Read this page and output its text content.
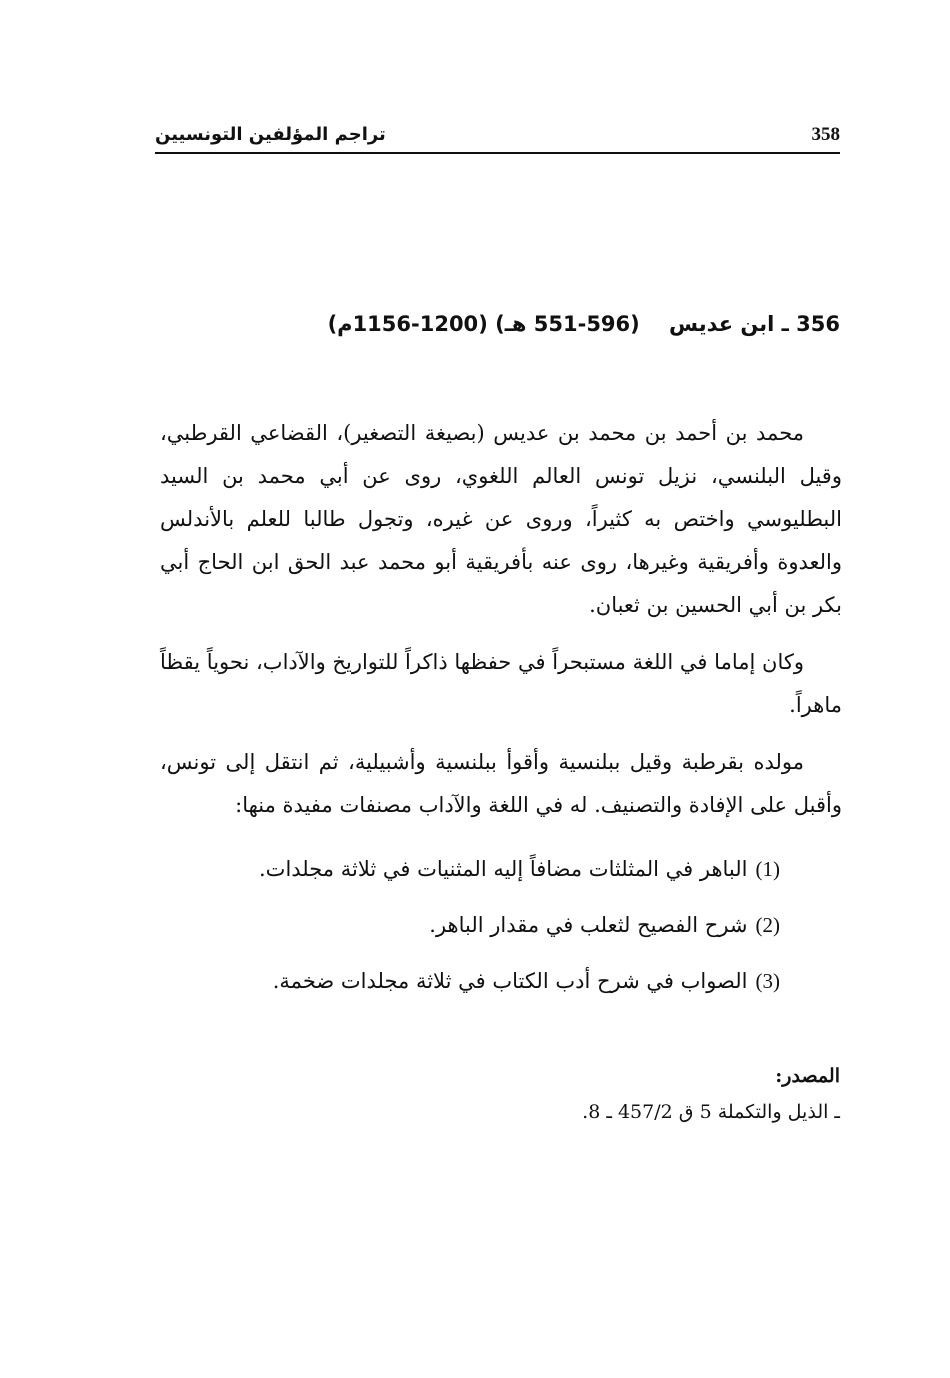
358
تراجم المؤلفين التونسيين
356 ـ ابن عديس    (551-596 هـ) (1156-1200م)

محمد بن أحمد بن محمد بن عديس (بصيغة التصغير)، القضاعي القرطبي، وقيل البلنسي، نزيل تونس العالم اللغوي، روى عن أبي محمد بن السيد البطليوسي واختص به كثيراً، وروى عن غيره، وتجول طالبا للعلم بالأندلس والعدوة وأفريقية وغيرها، روى عنه بأفريقية أبو محمد عبد الحق ابن الحاج أبي بكر بن أبي الحسين بن ثعبان.

وكان إماما في اللغة مستبحراً في حفظها ذاكراً للتواريخ والآداب، نحوياً يقظاً ماهراً.

مولده بقرطبة وقيل ببلنسية وأقوأ ببلنسية وأشبيلية، ثم انتقل إلى تونس، وأقبل على الإفادة والتصنيف. له في اللغة والآداب مصنفات مفيدة منها:

(1)الباهر في المثلثات مضافاً إليه المثنيات في ثلاثة مجلدات.
(2)شرح الفصيح لثعلب في مقدار الباهر.
(3)الصواب في شرح أدب الكتاب في ثلاثة مجلدات ضخمة.
المصدر:
ـ الذيل والتكملة 5 ق 457/2 ـ 8.
